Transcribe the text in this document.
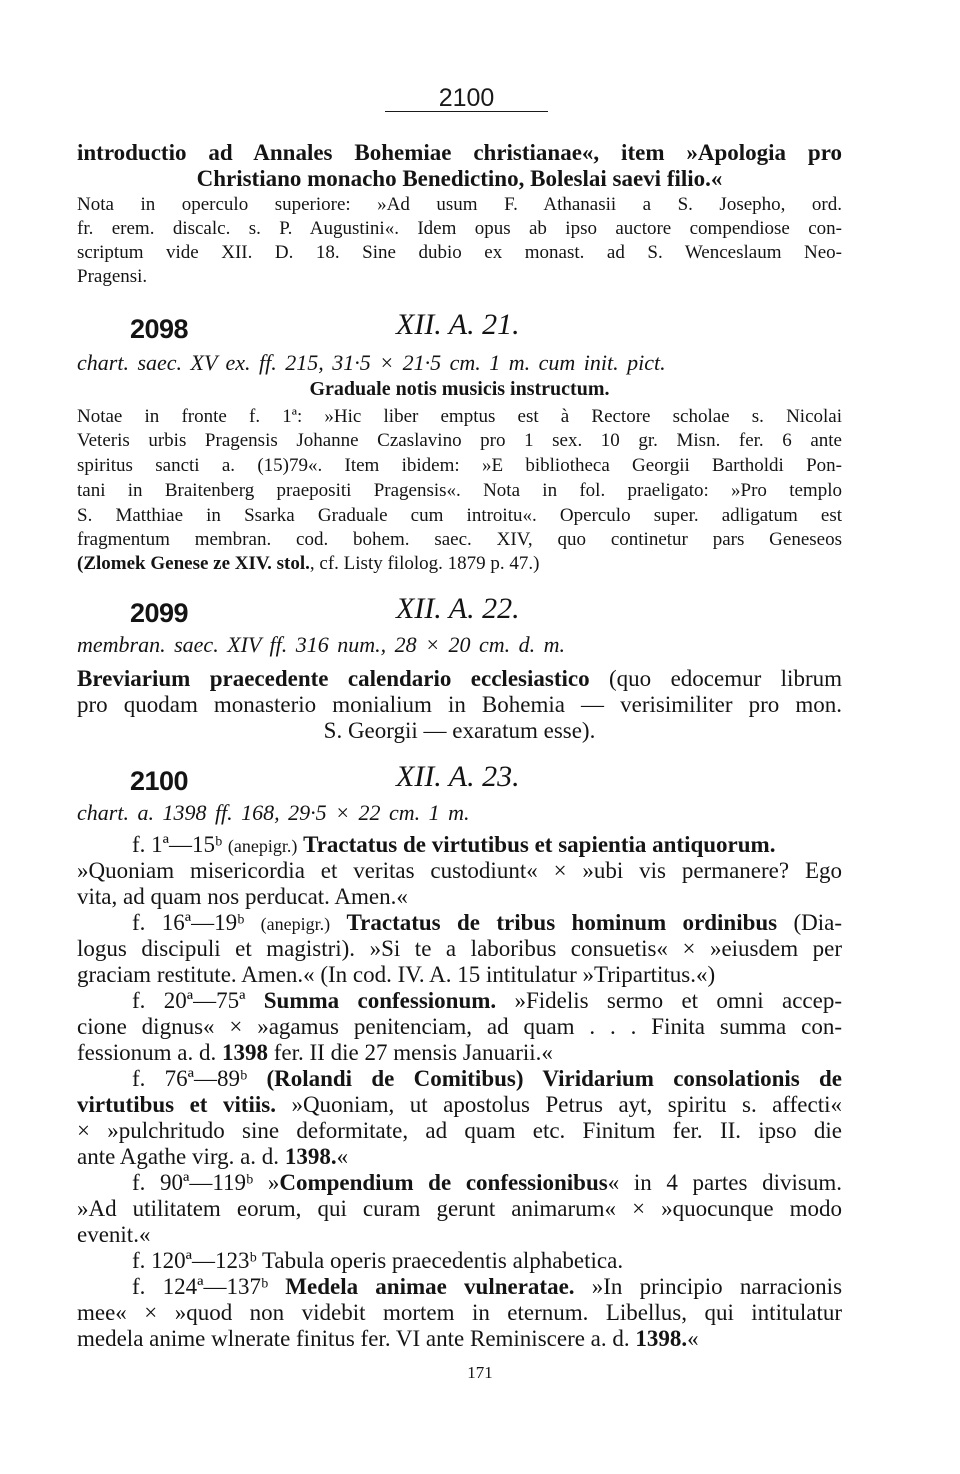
2100
introductio ad Annales Bohemiae christianae«, item »Apologia pro
Christiano monacho Benedictino, Boleslai saevi filio.«
Nota in operculo superiore: »Ad usum F. Athanasii a S. Josepho, ord.
fr. erem. discalc. s. P. Augustini«. Idem opus ab ipso auctore compendiose con-
scriptum vide XII. D. 18. Sine dubio ex monast. ad S. Wenceslaum Neo-
Pragensi.
2098	XII. A. 21.
chart. saec. XV ex. ff. 215, 31·5 × 21·5 cm. 1 m. cum init. pict.
Graduale notis musicis instructum.
Notae in fronte f. 1ª: »Hic liber emptus est à Rectore scholae s. Nicolai
Veteris urbis Pragensis Johanne Czaslavino pro 1 sex. 10 gr. Misn. fer. 6 ante
spiritus sancti a. (15)79«. Item ibidem: »E bibliotheca Georgii Bartholdi Pon-
tani in Braitenberg praepositi Pragensis«. Nota in fol. praeligato: »Pro templo
S. Matthiae in Ssarka Graduale cum introitu«. Operculo super. adligatum est
fragmentum membran. cod. bohem. saec. XIV, quo continetur pars Geneseos
(Zlomek Genese ze XIV. stol., cf. Listy filolog. 1879 p. 47.)
2099	XII. A. 22.
membran. saec. XIV ff. 316 num., 28 × 20 cm. d. m.
Breviarium praecedente calendario ecclesiastico (quo edocemur librum
pro quodam monasterio monialium in Bohemia — verisimiliter pro mon.
S. Georgii — exaratum esse).
2100	XII. A. 23.
chart. a. 1398 ff. 168, 29·5 × 22 cm. 1 m.
f. 1ª—15ᵇ (anepigr.) Tractatus de virtutibus et sapientia antiquorum.
»Quoniam misericordia et veritas custodiunt« × »ubi vis permanere? Ego
vita, ad quam nos perducat. Amen.«
f. 16ª—19ᵇ (anepigr.) Tractatus de tribus hominum ordinibus (Dia-
logus discipuli et magistri). »Si te a laboribus consuetis« × »eiusdem per
graciam restitute. Amen.« (In cod. IV. A. 15 intitulatur »Tripartitus.«)
f. 20ª—75ª Summa confessionum. »Fidelis sermo et omni accep-
cione dignus« × »agamus penitenciam, ad quam . . . Finita summa con-
fessionum a. d. 1398 fer. II die 27 mensis Januarii.«
f. 76ª—89ᵇ (Rolandi de Comitibus) Viridarium consolationis de
virtutibus et vitiis. »Quoniam, ut apostolus Petrus ayt, spiritu s. affecti«
× »pulchritudo sine deformitate, ad quam etc. Finitum fer. II. ipso die
ante Agathe virg. a. d. 1398.«
f. 90ª—119ᵇ »Compendium de confessionibus« in 4 partes divisum.
»Ad utilitatem eorum, qui curam gerunt animarum« × »quocunque modo
evenit.«
f. 120ª—123ᵇ Tabula operis praecedentis alphabetica.
f. 124ª—137ᵇ Medela animae vulneratae. »In principio narracionis
mee« × »quod non videbit mortem in eternum. Libellus, qui intitulatur
medela anime wlnerate finitus fer. VI ante Reminiscere a. d. 1398.«
171
